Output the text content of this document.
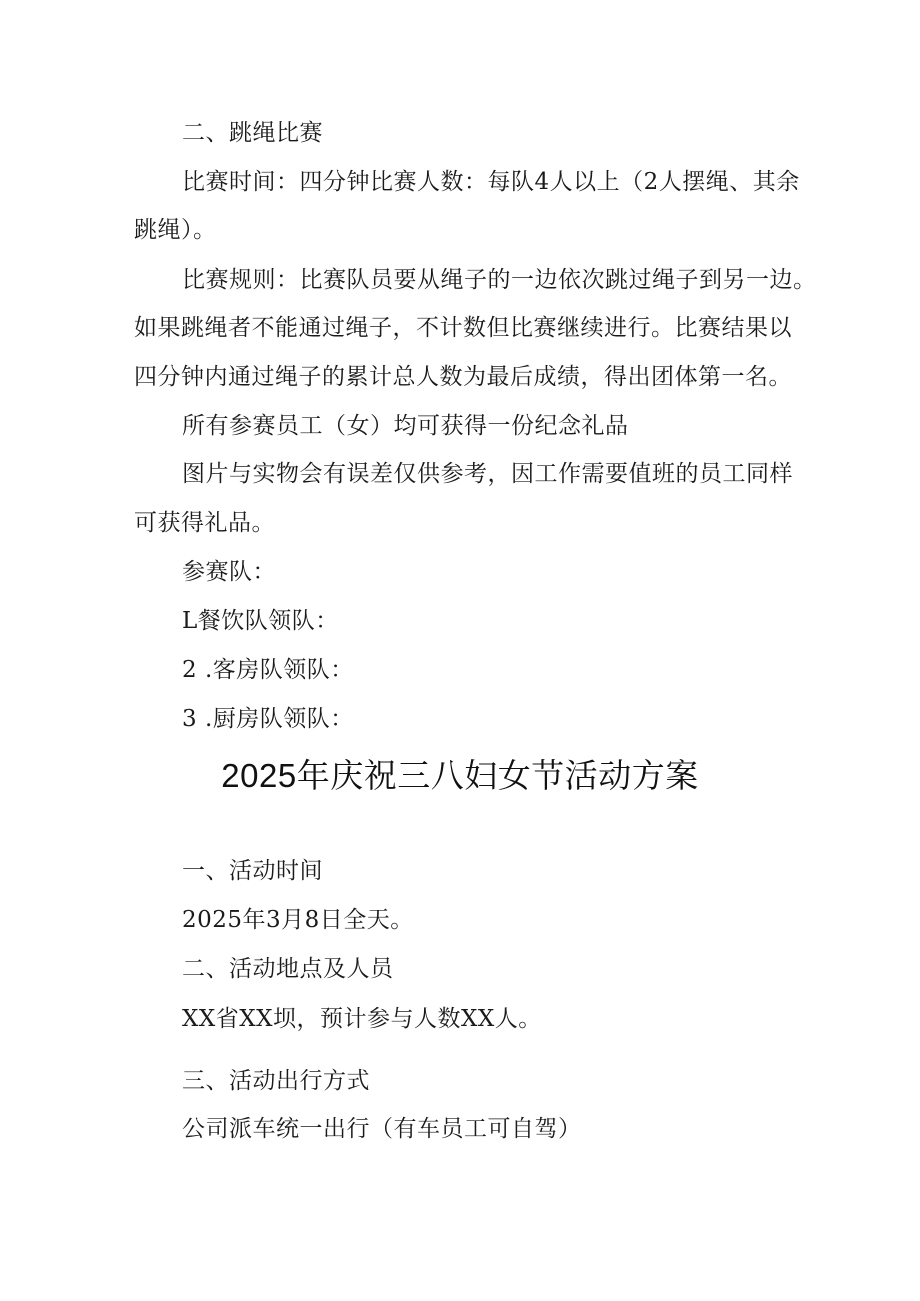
二、跳绳比赛
比赛时间：四分钟比赛人数：每队4人以上（2人摆绳、其余
跳绳）。
比赛规则：比赛队员要从绳子的一边依次跳过绳子到另一边。
如果跳绳者不能通过绳子，不计数但比赛继续进行。比赛结果以
四分钟内通过绳子的累计总人数为最后成绩，得出团体第一名。
所有参赛员工（女）均可获得一份纪念礼品
图片与实物会有误差仅供参考，因工作需要值班的员工同样
可获得礼品。
参赛队：
L餐饮队领队：
2 .客房队领队：
3 .厨房队领队：
2025年庆祝三八妇女节活动方案
一、活动时间
2025年3月8日全天。
二、活动地点及人员
XX省XX坝，预计参与人数XX人。
三、活动出行方式
公司派车统一出行（有车员工可自驾）
